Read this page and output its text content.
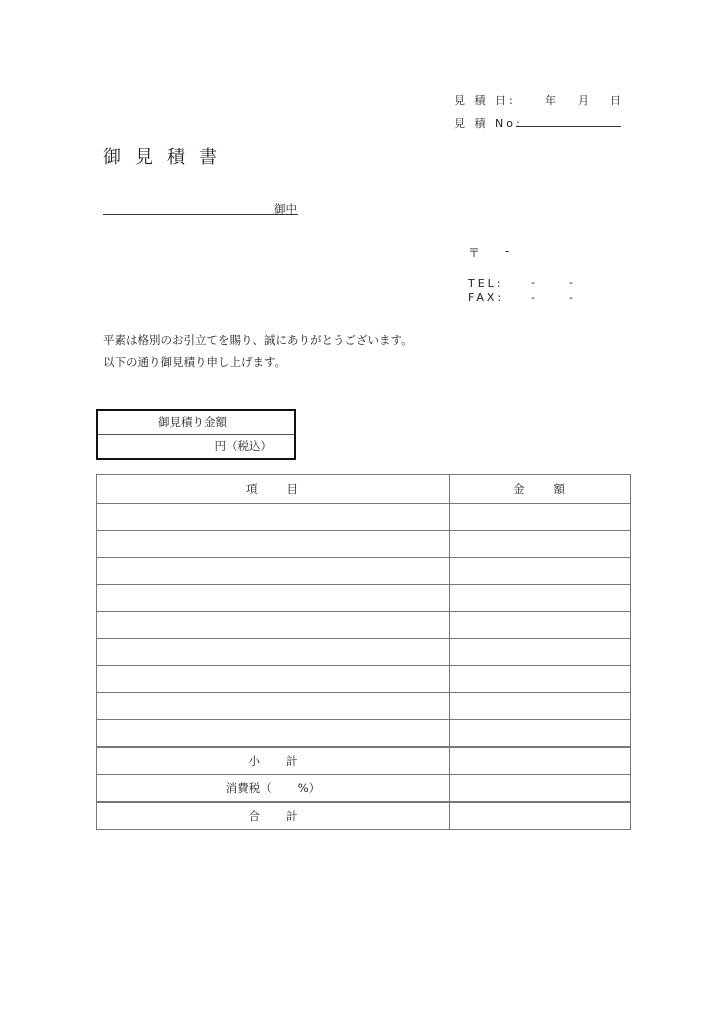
見 積 日:	年 月 日
見 積 No:
御見積書
御中
〒 -
TEL: -	-
FAX: -	-
平素は格別のお引立てを賜り、誠にありがとうございます。
以下の通り御見積り申し上げます。
御見積り金額
円（税込）
項　　目	金　　額

小 計	
消費税（ %）	
合 計	
